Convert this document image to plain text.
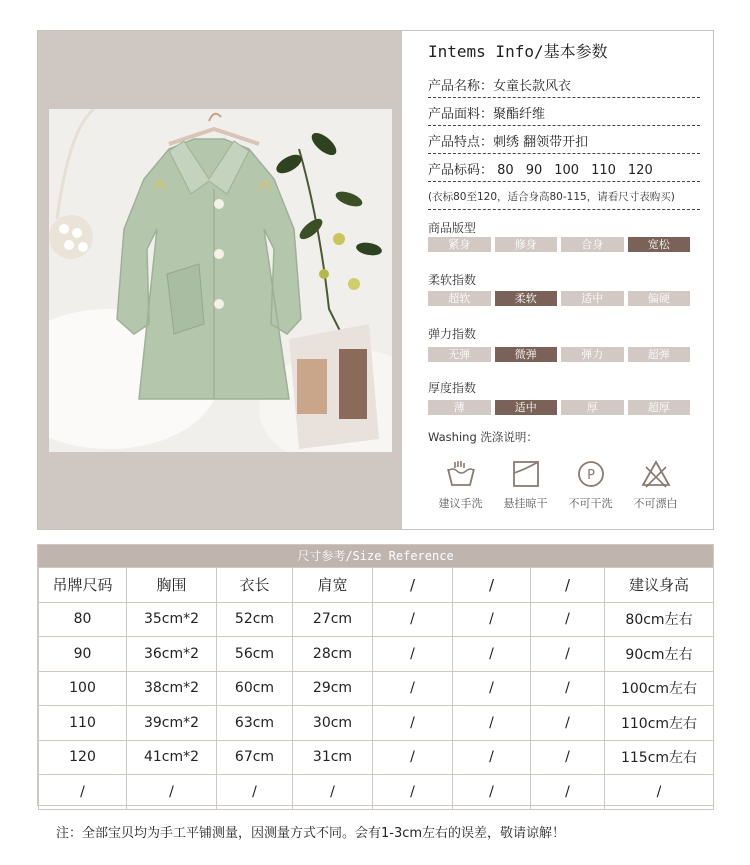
Intems Info/基本参数
产品名称：女童长款风衣
产品面料：聚酯纤维
产品特点：刺绣 翻领带开扣
产品标码： 80 90 100 110 120
(衣标80至120，适合身高80-115，请看尺寸表购买)
商品版型
紧身	修身	合身	宽松
柔软指数
超软	柔软	适中	偏硬
弹力指数
无弹	微弹	弹力	超弹
厚度指数
薄	适中	厚	超厚
Washing 洗涤说明：
建议手洗	悬挂晾干
P
不可干洗	不可漂白
尺寸参考/Size Reference
吊牌尺码	胸围	衣长	肩宽	/	/	/	建议身高
80	35cm*2	52cm	27cm	/	/	/	80cm左右
90	36cm*2	56cm	28cm	/	/	/	90cm左右
100	38cm*2	60cm	29cm	/	/	/	100cm左右
110	39cm*2	63cm	30cm	/	/	/	110cm左右
120	41cm*2	67cm	31cm	/	/	/	115cm左右
/	/	/	/	/	/	/	/
注：全部宝贝均为手工平铺测量，因测量方式不同。会有1-3cm左右的误差，敬请谅解！
